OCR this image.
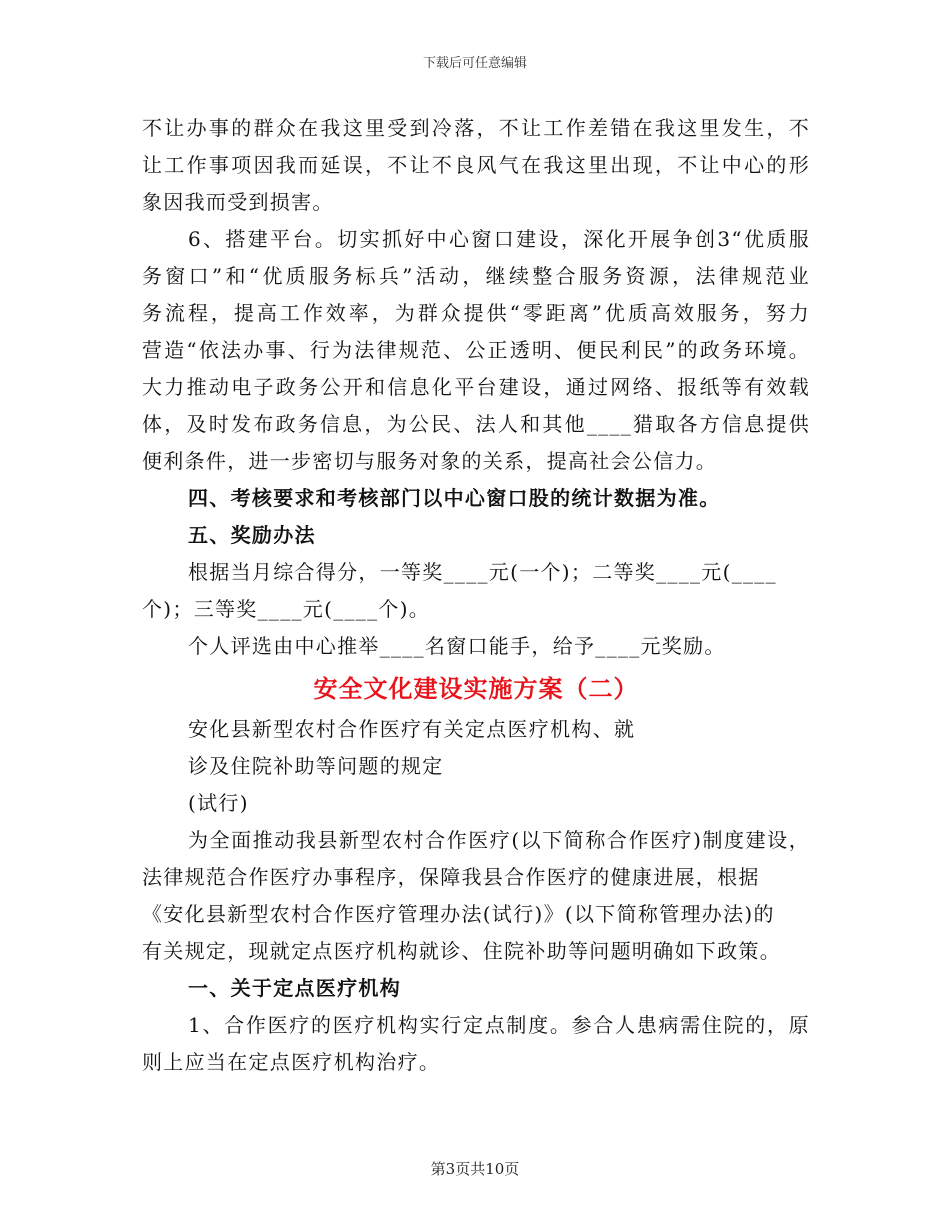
下载后可任意编辑
不让办事的群众在我这里受到冷落，不让工作差错在我这里发生，不
让工作事项因我而延误，不让不良风气在我这里出现，不让中心的形
象因我而受到损害。
6、搭建平台。切实抓好中心窗口建设，深化开展争创3“优质服
务窗口”和“优质服务标兵”活动，继续整合服务资源，法律规范业
务流程，提高工作效率，为群众提供“零距离”优质高效服务，努力
营造“依法办事、行为法律规范、公正透明、便民利民”的政务环境。
大力推动电子政务公开和信息化平台建设，通过网络、报纸等有效载
体，及时发布政务信息，为公民、法人和其他____猎取各方信息提供
便利条件，进一步密切与服务对象的关系，提高社会公信力。
四、考核要求和考核部门以中心窗口股的统计数据为准。
五、奖励办法
根据当月综合得分，一等奖____元(一个)；二等奖____元(____
个)；三等奖____元(____个)。
个人评选由中心推举____名窗口能手，给予____元奖励。
安全文化建设实施方案（二）
安化县新型农村合作医疗有关定点医疗机构、就
诊及住院补助等问题的规定
(试行)
为全面推动我县新型农村合作医疗(以下简称合作医疗)制度建设，
法律规范合作医疗办事程序，保障我县合作医疗的健康进展，根据
《安化县新型农村合作医疗管理办法(试行)》(以下简称管理办法)的
有关规定，现就定点医疗机构就诊、住院补助等问题明确如下政策。
一、关于定点医疗机构
1、合作医疗的医疗机构实行定点制度。参合人患病需住院的，原
则上应当在定点医疗机构治疗。
第3页共10页
